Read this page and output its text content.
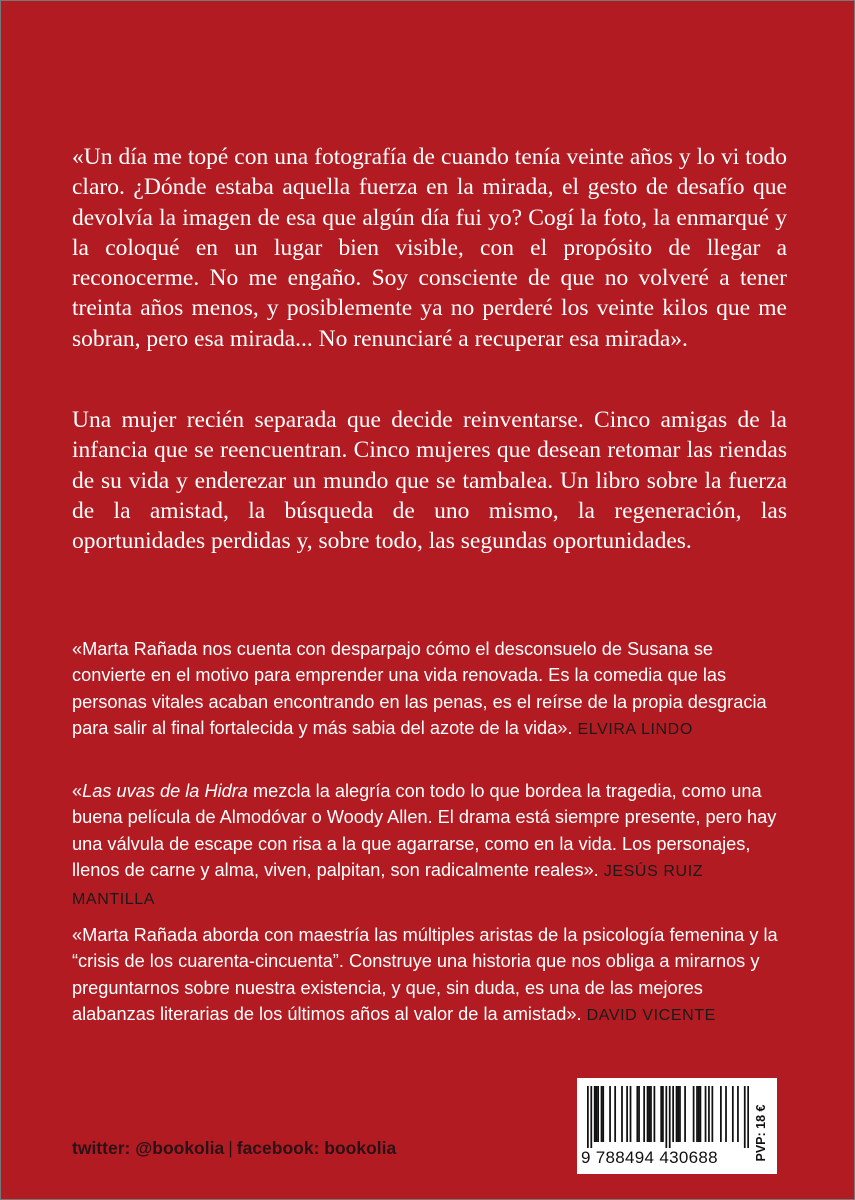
«Un día me topé con una fotografía de cuando tenía veinte años y lo vi todo claro. ¿Dónde estaba aquella fuerza en la mirada, el gesto de desafío que devolvía la imagen de esa que algún día fui yo? Cogí la foto, la enmarqué y la coloqué en un lugar bien visible, con el propósito de llegar a reconocerme. No me engaño. Soy consciente de que no volveré a tener treinta años menos, y posiblemente ya no perderé los veinte kilos que me sobran, pero esa mirada... No renunciaré a recuperar esa mirada».

Una mujer recién separada que decide reinventarse. Cinco amigas de la infancia que se reencuentran. Cinco mujeres que desean retomar las riendas de su vida y enderezar un mundo que se tambalea. Un libro sobre la fuerza de la amistad, la búsqueda de uno mismo, la regeneración, las oportunidades perdidas y, sobre todo, las segundas oportunidades.

«Marta Rañada nos cuenta con desparpajo cómo el desconsuelo de Susana se convierte en el motivo para emprender una vida renovada. Es la comedia que las personas vitales acaban encontrando en las penas, es el reírse de la propia desgracia para salir al final fortalecida y más sabia del azote de la vida». ELVIRA LINDO

«Las uvas de la Hidra mezcla la alegría con todo lo que bordea la tragedia, como una buena película de Almodóvar o Woody Allen. El drama está siempre presente, pero hay una válvula de escape con risa a la que agarrarse, como en la vida. Los personajes, llenos de carne y alma, viven, palpitan, son radicalmente reales». JESÚS RUIZ MANTILLA

«Marta Rañada aborda con maestría las múltiples aristas de la psicología femenina y la “crisis de los cuarenta-cincuenta”. Construye una historia que nos obliga a mirarnos y preguntarnos sobre nuestra existencia, y que, sin duda, es una de las mejores alabanzas literarias de los últimos años al valor de la amistad». DAVID VICENTE

twitter: @bookolia | facebook: bookolia	9 788494 430688	PVP: 18 €
